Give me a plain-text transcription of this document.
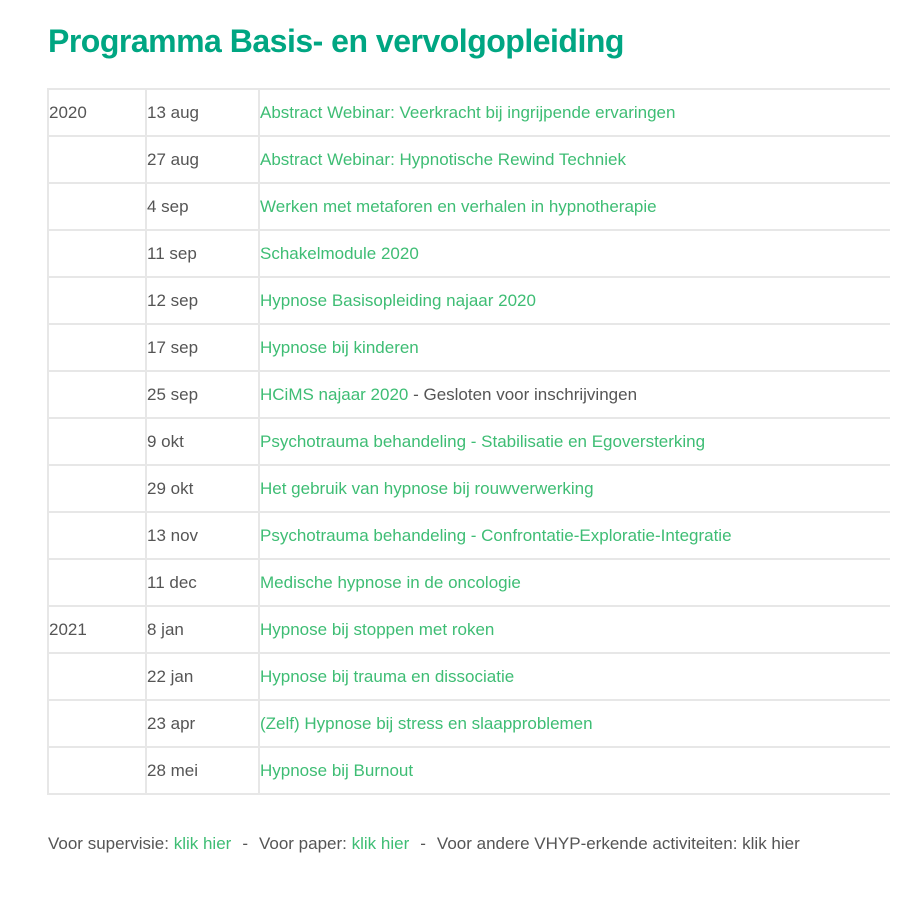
Programma Basis- en vervolgopleiding
2020	13 aug	Abstract Webinar: Veerkracht bij ingrijpende ervaringen
	27 aug	Abstract Webinar: Hypnotische Rewind Techniek
	4 sep	Werken met metaforen en verhalen in hypnotherapie
	11 sep	Schakelmodule 2020
	12 sep	Hypnose Basisopleiding najaar 2020
	17 sep	Hypnose bij kinderen
	25 sep	HCiMS najaar 2020 - Gesloten voor inschrijvingen
	9 okt	Psychotrauma behandeling - Stabilisatie en Egoversterking
	29 okt	Het gebruik van hypnose bij rouwverwerking
	13 nov	Psychotrauma behandeling - Confrontatie-Exploratie-Integratie
	11 dec	Medische hypnose in de oncologie
2021	8 jan	Hypnose bij stoppen met roken
	22 jan	Hypnose bij trauma en dissociatie
	23 apr	(Zelf) Hypnose bij stress en slaapproblemen
	28 mei	Hypnose bij Burnout

Voor supervisie: klik hier - Voor paper: klik hier - Voor andere VHYP-erkende activiteiten: klik hier
